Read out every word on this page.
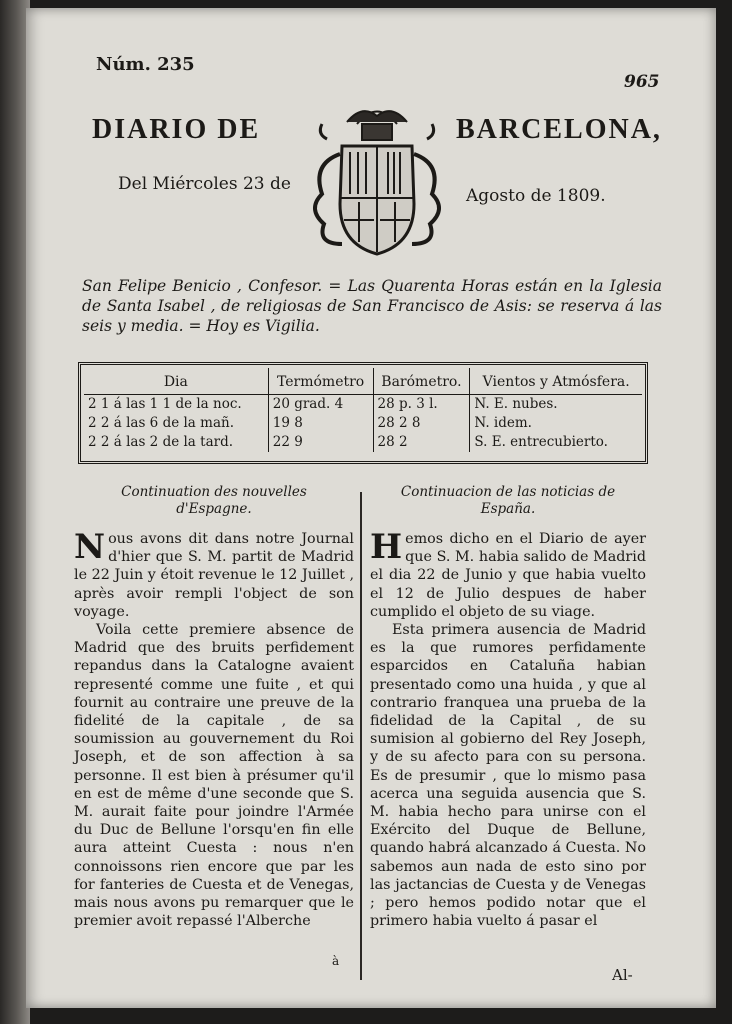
Núm. 235
965
DIARIO DE	BARCELONA,
Del Miércoles 23 de
Agosto de 1809.
San Felipe Benicio , Confesor. = Las Quarenta Horas están en la Iglesia de Santa Isabel , de religiosas de San Francisco de Asis: se reserva á las seis y media. = Hoy es Vigilia.
Dia	Termómetro	Barómetro.	Vientos y Atmósfera.
2 1 á las 1 1 de la noc.	20 grad. 4	28 p. 3 l.	N. E. nubes.
2 2 á las 6 de la mañ.	19 8	28 2 8	N. idem.
2 2 á las 2 de la tard.	22 9	28 2	S. E. entrecubierto.
Continuation des nouvelles d'Espagne.

Nous avons dit dans notre Journal d'hier que S. M. partit de Madrid le 22 Juin y étoit revenue le 12 Juillet , après avoir rempli l'object de son voyage.

Voila cette premiere absence de Madrid que des bruits perfidement repandus dans la Catalogne avaient representé comme une fuite , et qui fournit au contraire une preuve de la fidelité de la capitale , de sa soumission au gouvernement du Roi Joseph, et de son affection à sa personne. Il est bien à présumer qu'il en est de même d'une seconde que S. M. aurait faite pour joindre l'Armée du Duc de Bellune l'orsqu'en fin elle aura atteint Cuesta : nous n'en connoissons rien encore que par les for fanteries de Cuesta et de Venegas, mais nous avons pu remarquer que le premier avoit repassé l'Alberche

à
Continuacion de las noticias de España.

Hemos dicho en el Diario de ayer que S. M. habia salido de Madrid el dia 22 de Junio y que habia vuelto el 12 de Julio despues de haber cumplido el objeto de su viage.

Esta primera ausencia de Madrid es la que rumores perfidamente esparcidos en Cataluña habian presentado como una huida , y que al contrario franquea una prueba de la fidelidad de la Capital , de su sumision al gobierno del Rey Joseph, y de su afecto para con su persona. Es de presumir , que lo mismo pasa acerca una seguida ausencia que S. M. habia hecho para unirse con el Exército del Duque de Bellune, quando habrá alcanzado á Cuesta. No sabemos aun nada de esto sino por las jactancias de Cuesta y de Venegas ; pero hemos podido notar que el primero habia vuelto á pasar el

Al-
